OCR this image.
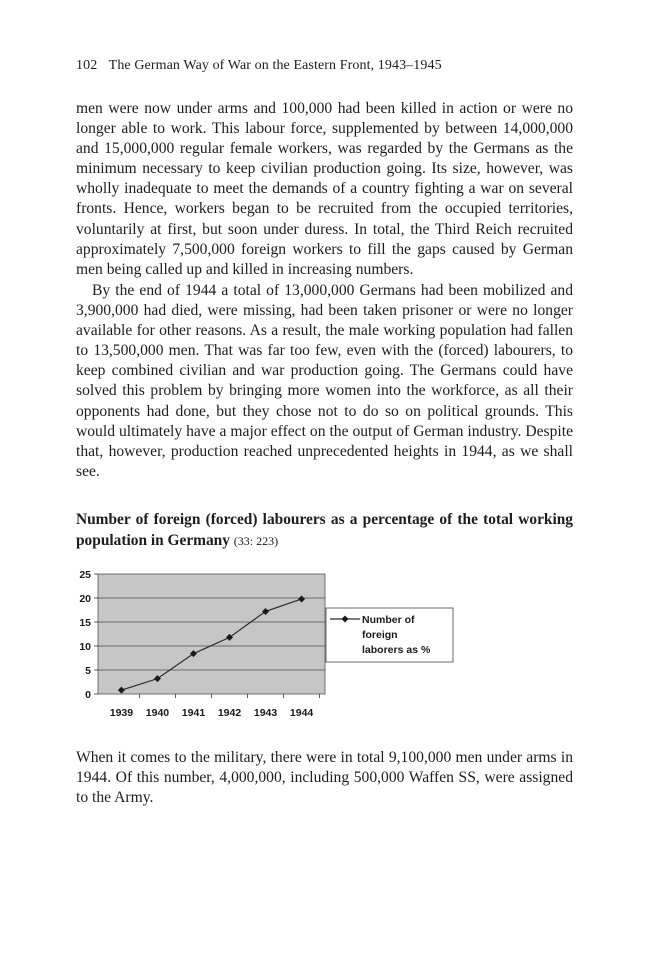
102 The German Way of War on the Eastern Front, 1943–1945

men were now under arms and 100,000 had been killed in action or were no longer able to work. This labour force, supplemented by between 14,000,000 and 15,000,000 regular female workers, was regarded by the Germans as the minimum necessary to keep civilian production going. Its size, however, was wholly inadequate to meet the demands of a country fighting a war on several fronts. Hence, workers began to be recruited from the occupied territories, voluntarily at first, but soon under duress. In total, the Third Reich recruited approximately 7,500,000 foreign workers to fill the gaps caused by German men being called up and killed in increasing numbers.

By the end of 1944 a total of 13,000,000 Germans had been mobilized and 3,900,000 had died, were missing, had been taken prisoner or were no longer available for other reasons. As a result, the male working population had fallen to 13,500,000 men. That was far too few, even with the (forced) labourers, to keep combined civilian and war production going. The Germans could have solved this problem by bringing more women into the workforce, as all their opponents had done, but they chose not to do so on political grounds. This would ultimately have a major effect on the output of German industry. Despite that, however, production reached unprecedented heights in 1944, as we shall see.

Number of foreign (forced) labourers as a percentage of the total working population in Germany (33: 223)

0
5
10
15
20
25
1939 1940 1941 1942 1943 1944
Number of
foreign
laborers as %

When it comes to the military, there were in total 9,100,000 men under arms in 1944. Of this number, 4,000,000, including 500,000 Waffen SS, were assigned to the Army.
